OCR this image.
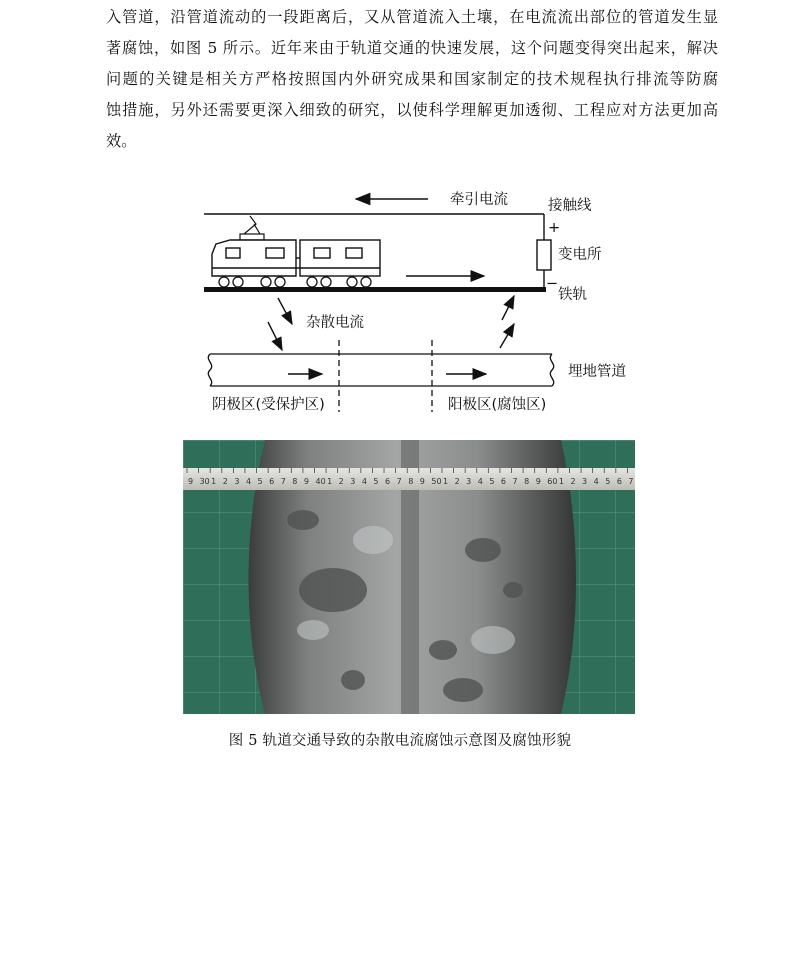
入管道，沿管道流动的一段距离后，又从管道流入土壤，在电流流出部位的管道发生显
著腐蚀，如图 5 所示。近年来由于轨道交通的快速发展，这个问题变得突出起来，解决
问题的关键是相关方严格按照国内外研究成果和国家制定的技术规程执行排流等防腐
蚀措施，另外还需要更深入细致的研究，以使科学理解更加透彻、工程应对方法更加高
效。
牵引电流	接触线
+
变电所
−
铁轨
杂散电流
埋地管道
阴极区(受保护区)	阳极区(腐蚀区)
9 30 1 2 3 4 5 6 7 8 9 40 1 2 3 4 5 6 7 8 9 50 1 2 3 4 5 6 7 8 9 60 1 2 3 4 5 6 7
图 5 轨道交通导致的杂散电流腐蚀示意图及腐蚀形貌
